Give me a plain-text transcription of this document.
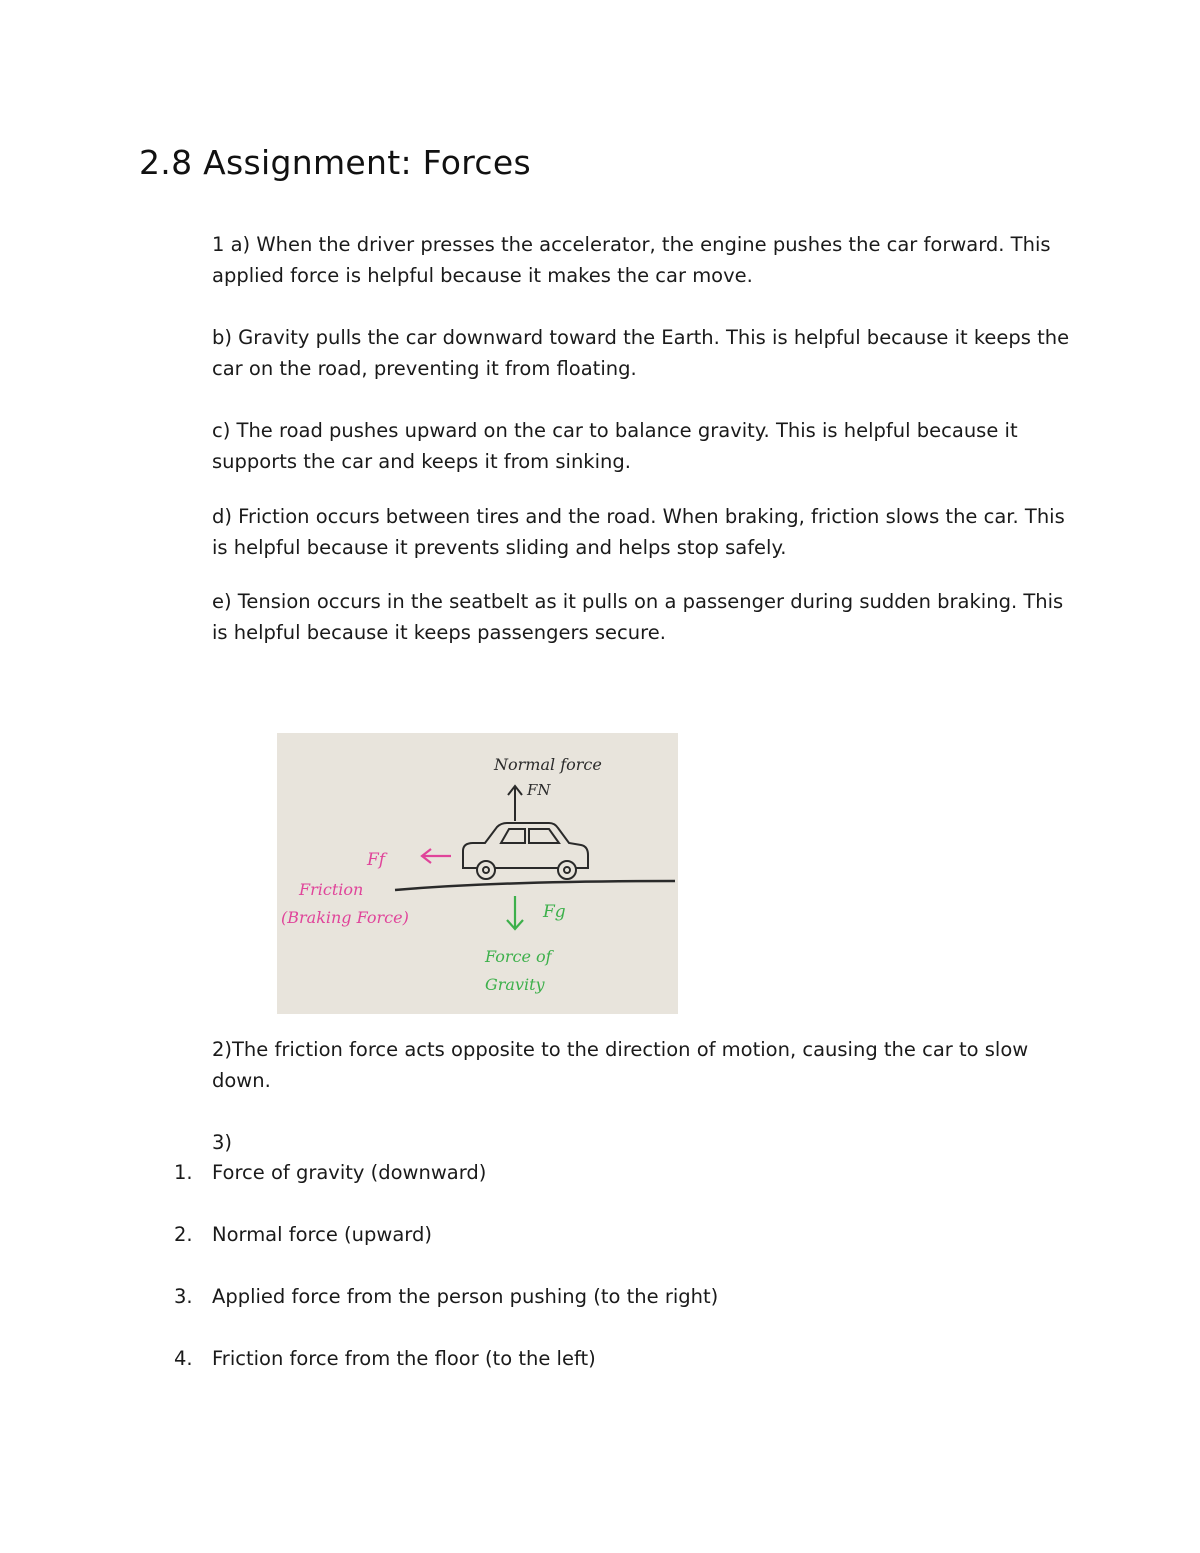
2.8 Assignment: Forces

1 a) When the driver presses the accelerator, the engine pushes the car forward. This applied force is helpful because it makes the car move.

b) Gravity pulls the car downward toward the Earth. This is helpful because it keeps the car on the road, preventing it from floating.

c) The road pushes upward on the car to balance gravity. This is helpful because it supports the car and keeps it from sinking.

d) Friction occurs between tires and the road. When braking, friction slows the car. This is helpful because it prevents sliding and helps stop safely.

e) Tension occurs in the seatbelt as it pulls on a passenger during sudden braking. This is helpful because it keeps passengers secure.

Normal force
FN
Ff
Friction
(Braking Force)	Fg
Force of
Gravity

2)The friction force acts opposite to the direction of motion, causing the car to slow down.

3)

1. Force of gravity (downward)
2. Normal force (upward)
3. Applied force from the person pushing (to the right)
4. Friction force from the floor (to the left)
